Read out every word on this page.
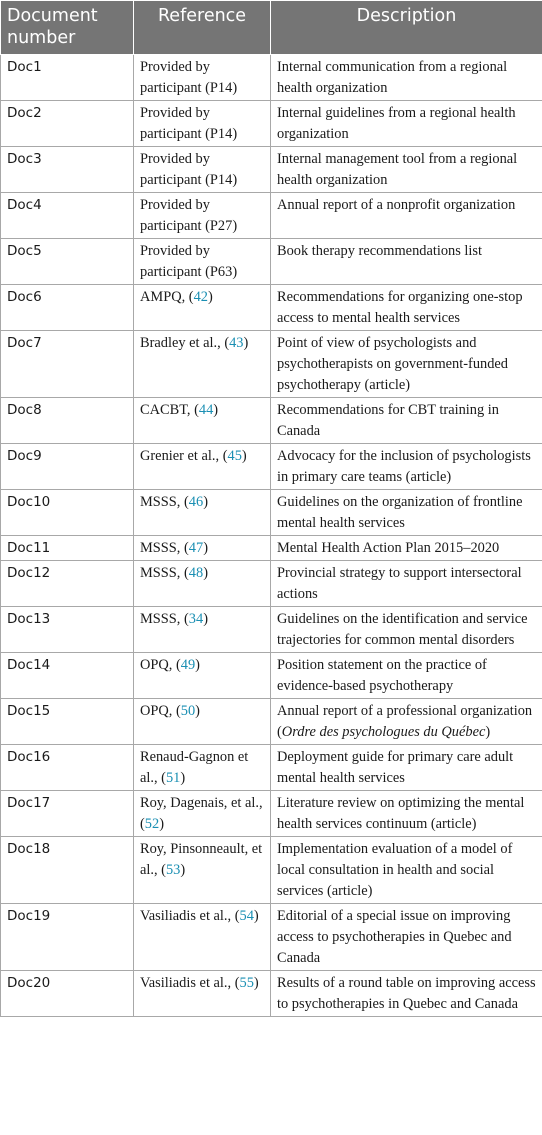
Document number	Reference	Description
Doc1	Provided by participant (P14)	Internal communication from a regional health organization
Doc2	Provided by participant (P14)	Internal guidelines from a regional health organization
Doc3	Provided by participant (P14)	Internal management tool from a regional health organization
Doc4	Provided by participant (P27)	Annual report of a nonprofit organization
Doc5	Provided by participant (P63)	Book therapy recommendations list
Doc6	AMPQ, (42)	Recommendations for organizing one-stop access to mental health services
Doc7	Bradley et al., (43)	Point of view of psychologists and psychotherapists on government-funded psychotherapy (article)
Doc8	CACBT, (44)	Recommendations for CBT training in Canada
Doc9	Grenier et al., (45)	Advocacy for the inclusion of psychologists in primary care teams (article)
Doc10	MSSS, (46)	Guidelines on the organization of frontline mental health services
Doc11	MSSS, (47)	Mental Health Action Plan 2015–2020
Doc12	MSSS, (48)	Provincial strategy to support intersectoral actions
Doc13	MSSS, (34)	Guidelines on the identification and service trajectories for common mental disorders
Doc14	OPQ, (49)	Position statement on the practice of evidence-based psychotherapy
Doc15	OPQ, (50)	Annual report of a professional organization (Ordre des psychologues du Québec)
Doc16	Renaud-Gagnon et al., (51)	Deployment guide for primary care adult mental health services
Doc17	Roy, Dagenais, et al., (52)	Literature review on optimizing the mental health services continuum (article)
Doc18	Roy, Pinsonneault, et al., (53)	Implementation evaluation of a model of local consultation in health and social services (article)
Doc19	Vasiliadis et al., (54)	Editorial of a special issue on improving access to psychotherapies in Quebec and Canada
Doc20	Vasiliadis et al., (55)	Results of a round table on improving access to psychotherapies in Quebec and Canada
